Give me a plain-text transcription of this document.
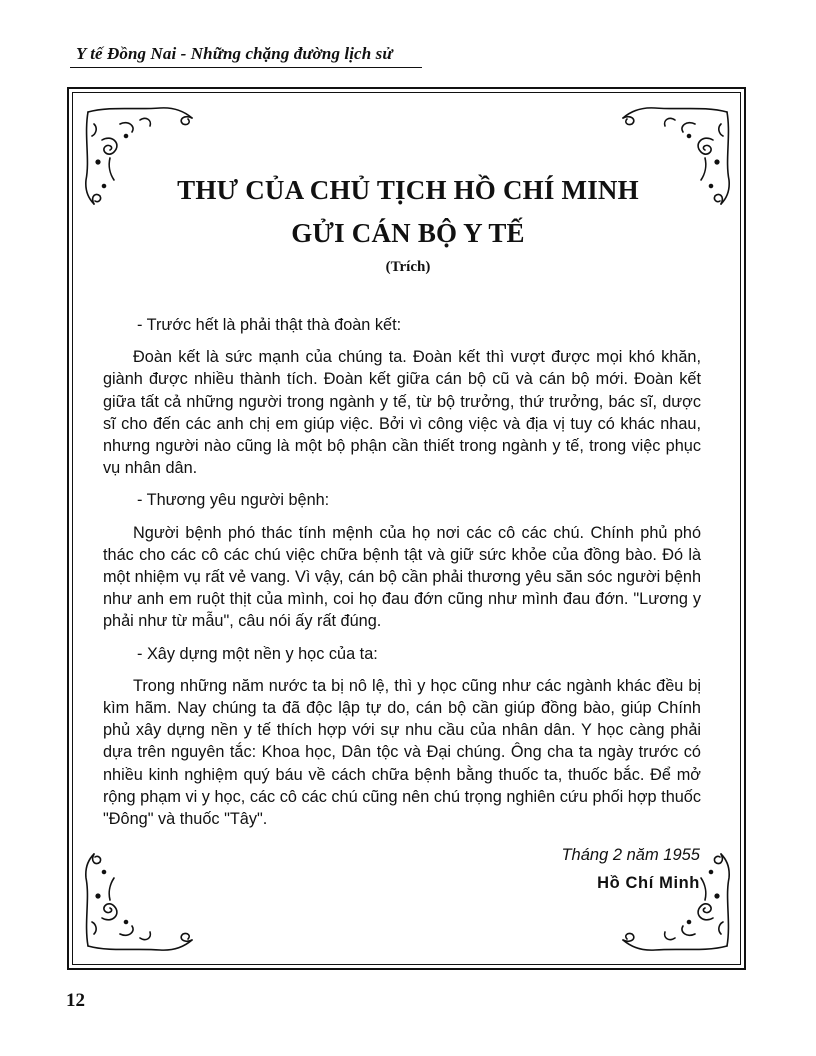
Y tế Đồng Nai - Những chặng đường lịch sử
THƯ CỦA CHỦ TỊCH HỒ CHÍ MINH
GỬI CÁN BỘ Y TẾ
(Trích)

- Trước hết là phải thật thà đoàn kết:

Đoàn kết là sức mạnh của chúng ta. Đoàn kết thì vượt được mọi khó khăn, giành được nhiều thành tích. Đoàn kết giữa cán bộ cũ và cán bộ mới. Đoàn kết giữa tất cả những người trong ngành y tế, từ bộ trưởng, thứ trưởng, bác sĩ, dược sĩ cho đến các anh chị em giúp việc. Bởi vì công việc và địa vị tuy có khác nhau, nhưng người nào cũng là một bộ phận cần thiết trong ngành y tế, trong việc phục vụ nhân dân.

- Thương yêu người bệnh:

Người bệnh phó thác tính mệnh của họ nơi các cô các chú. Chính phủ phó thác cho các cô các chú việc chữa bệnh tật và giữ sức khỏe của đồng bào. Đó là một nhiệm vụ rất vẻ vang. Vì vậy, cán bộ cần phải thương yêu săn sóc người bệnh như anh em ruột thịt của mình, coi họ đau đớn cũng như mình đau đớn. "Lương y phải như từ mẫu", câu nói ấy rất đúng.

- Xây dựng một nền y học của ta:

Trong những năm nước ta bị nô lệ, thì y học cũng như các ngành khác đều bị kìm hãm. Nay chúng ta đã độc lập tự do, cán bộ cần giúp đồng bào, giúp Chính phủ xây dựng nền y tế thích hợp với sự nhu cầu của nhân dân. Y học càng phải dựa trên nguyên tắc: Khoa học, Dân tộc và Đại chúng. Ông cha ta ngày trước có nhiều kinh nghiệm quý báu về cách chữa bệnh bằng thuốc ta, thuốc bắc. Để mở rộng phạm vi y học, các cô các chú cũng nên chú trọng nghiên cứu phối hợp thuốc "Đông" và thuốc "Tây".

Tháng 2 năm 1955
Hồ Chí Minh
12
